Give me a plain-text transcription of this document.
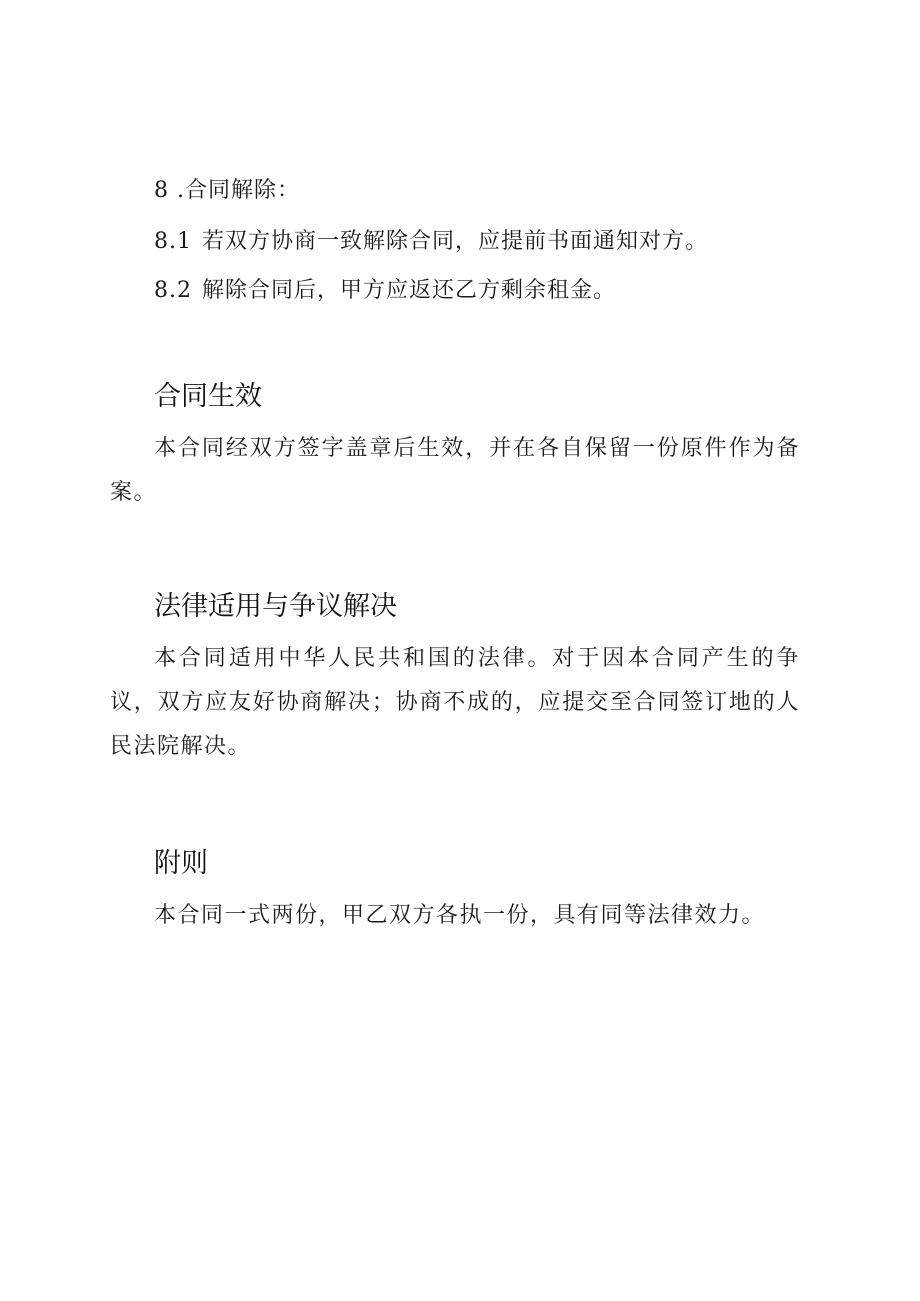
8 .合同解除：
8.1 若双方协商一致解除合同，应提前书面通知对方。
8.2 解除合同后，甲方应返还乙方剩余租金。
合同生效
本合同经双方签字盖章后生效，并在各自保留一份原件作为备案。
法律适用与争议解决
本合同适用中华人民共和国的法律。对于因本合同产生的争议，双方应友好协商解决；协商不成的，应提交至合同签订地的人民法院解决。
附则
本合同一式两份，甲乙双方各执一份，具有同等法律效力。
